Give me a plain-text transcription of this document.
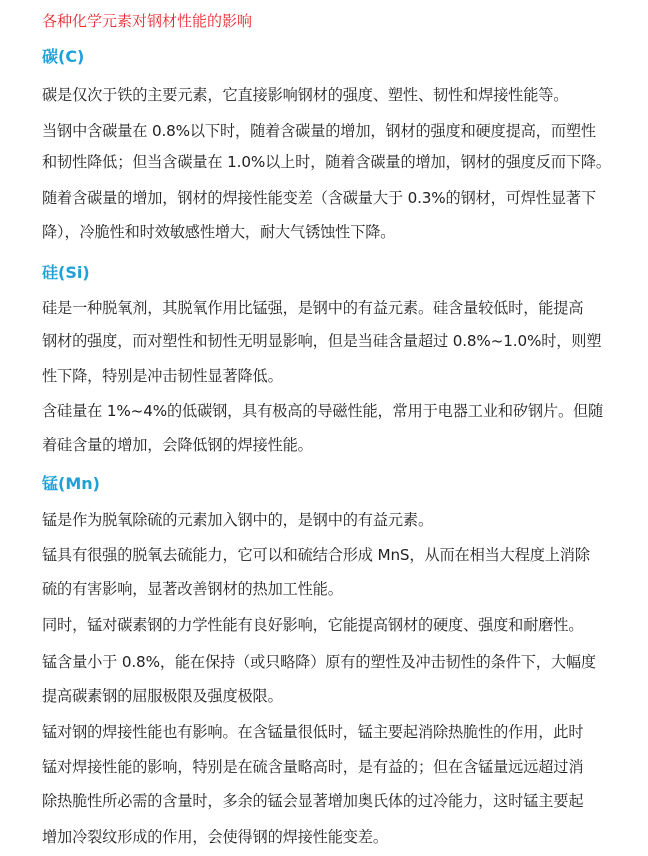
各种化学元素对钢材性能的影响
碳(C)
碳是仅次于铁的主要元素，它直接影响钢材的强度、塑性、韧性和焊接性能等。
当钢中含碳量在 0.8%以下时，随着含碳量的增加，钢材的强度和硬度提高，而塑性
和韧性降低；但当含碳量在 1.0%以上时，随着含碳量的增加，钢材的强度反而下降。
随着含碳量的增加，钢材的焊接性能变差（含碳量大于 0.3%的钢材，可焊性显著下
降），冷脆性和时效敏感性增大，耐大气锈蚀性下降。
硅(Si)
硅是一种脱氧剂，其脱氧作用比锰强，是钢中的有益元素。硅含量较低时，能提高
钢材的强度，而对塑性和韧性无明显影响，但是当硅含量超过 0.8%~1.0%时，则塑
性下降，特别是冲击韧性显著降低。
含硅量在 1%~4%的低碳钢，具有极高的导磁性能，常用于电器工业和矽钢片。但随
着硅含量的增加，会降低钢的焊接性能。
锰(Mn)
锰是作为脱氧除硫的元素加入钢中的，是钢中的有益元素。
锰具有很强的脱氧去硫能力，它可以和硫结合形成 MnS，从而在相当大程度上消除
硫的有害影响，显著改善钢材的热加工性能。
同时，锰对碳素钢的力学性能有良好影响，它能提高钢材的硬度、强度和耐磨性。
锰含量小于 0.8%，能在保持（或只略降）原有的塑性及冲击韧性的条件下，大幅度
提高碳素钢的屈服极限及强度极限。
锰对钢的焊接性能也有影响。在含锰量很低时，锰主要起消除热脆性的作用，此时
锰对焊接性能的影响，特别是在硫含量略高时，是有益的；但在含锰量远远超过消
除热脆性所必需的含量时，多余的锰会显著增加奥氏体的过冷能力，这时锰主要起
增加冷裂纹形成的作用，会使得钢的焊接性能变差。
